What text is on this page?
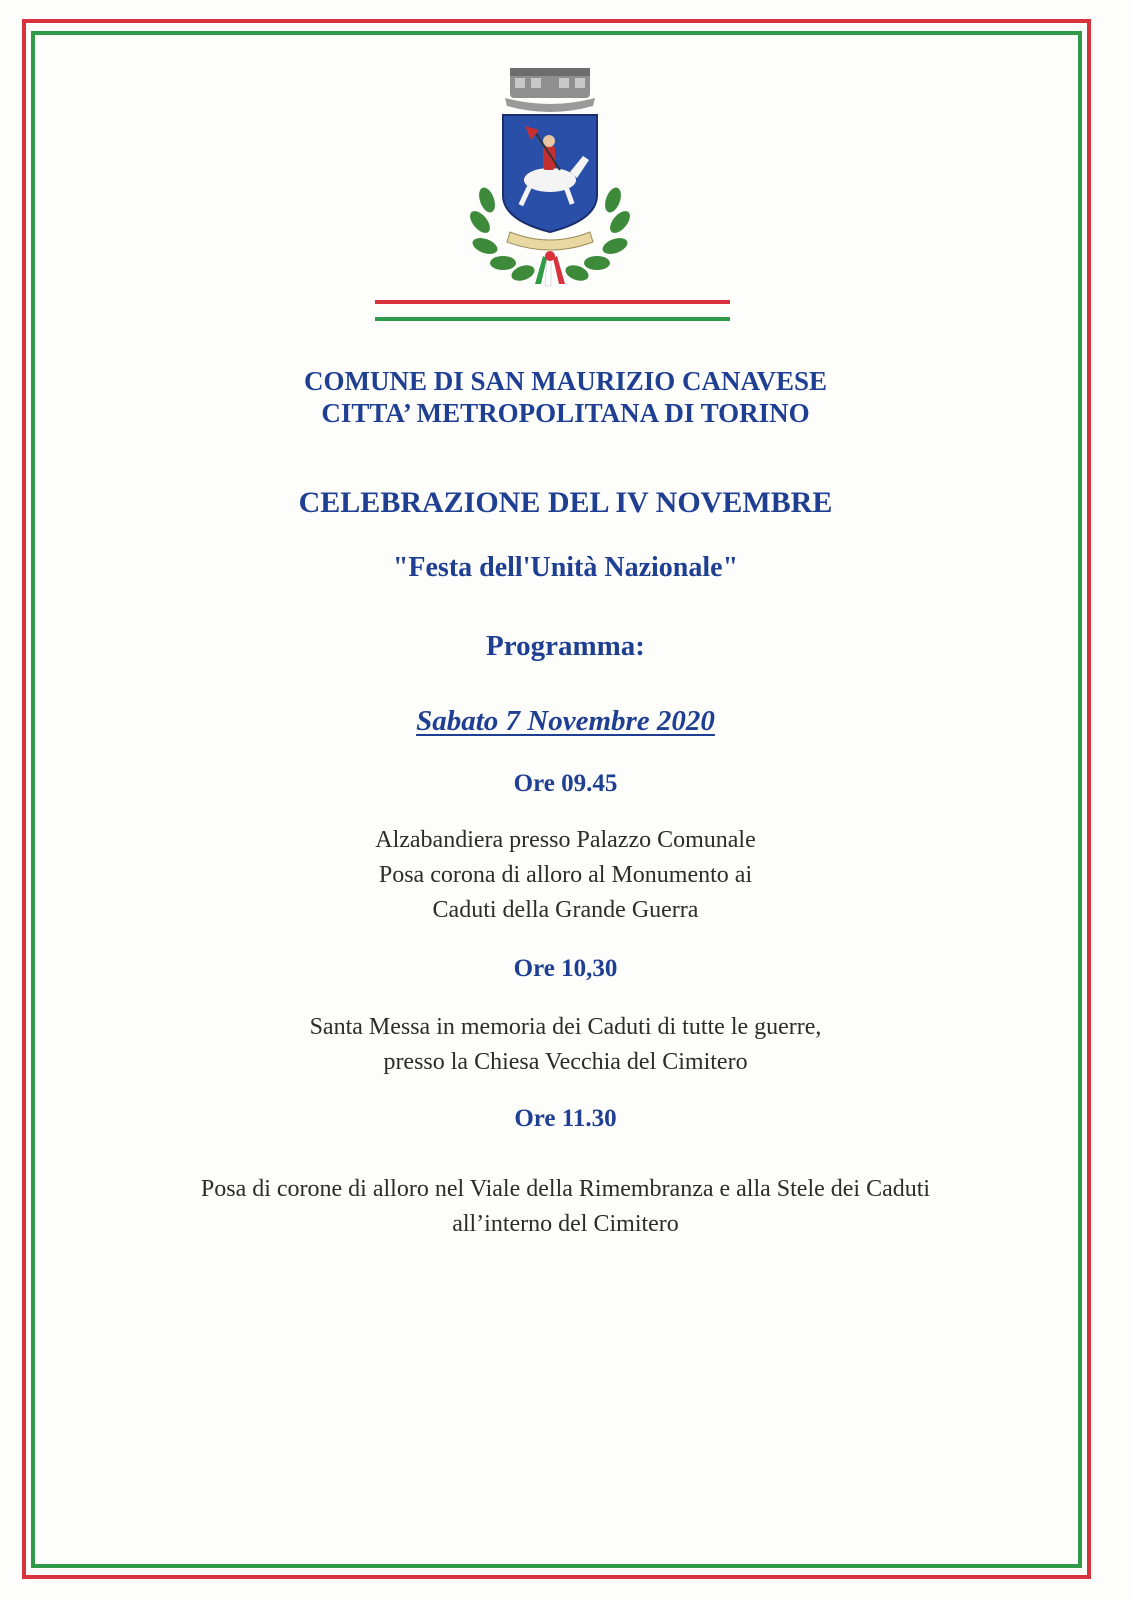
COMUNE DI SAN MAURIZIO CANAVESE
CITTA’ METROPOLITANA DI TORINO
CELEBRAZIONE DEL IV NOVEMBRE
"Festa dell'Unità Nazionale"
Programma:
Sabato 7 Novembre 2020
Ore 09.45
Alzabandiera presso Palazzo Comunale
Posa corona di alloro al Monumento ai
Caduti della Grande Guerra
Ore 10,30
Santa Messa in memoria dei Caduti di tutte le guerre,
presso la Chiesa Vecchia del Cimitero
Ore 11.30
Posa di corone di alloro nel Viale della Rimembranza e alla Stele dei Caduti
all’interno del Cimitero
